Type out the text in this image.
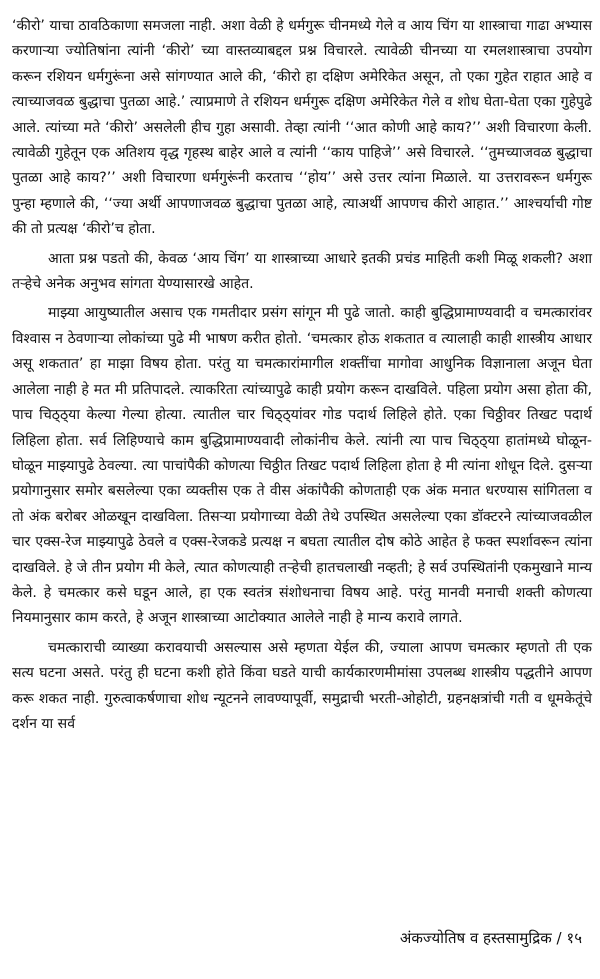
‘कीरो’ याचा ठावठिकाणा समजला नाही. अशा वेळी हे धर्मगुरू चीनमध्ये गेले व आय चिंग या शास्त्राचा गाढा अभ्यास करणाऱ्या ज्योतिषांना त्यांनी ‘कीरो’ च्या वास्तव्याबद्दल प्रश्न विचारले. त्यावेळी चीनच्या या रमलशास्त्राचा उपयोग करून रशियन धर्मगुरूंना असे सांगण्यात आले की, ‘कीरो हा दक्षिण अमेरिकेत असून, तो एका गुहेत राहात आहे व त्याच्याजवळ बुद्धाचा पुतळा आहे.’ त्याप्रमाणे ते रशियन धर्मगुरू दक्षिण अमेरिकेत गेले व शोध घेता-घेता एका गुहेपुढे आले. त्यांच्या मते ‘कीरो’ असलेली हीच गुहा असावी. तेव्हा त्यांनी ‘‘आत कोणी आहे काय?’’ अशी विचारणा केली. त्यावेळी गुहेतून एक अतिशय वृद्ध गृहस्थ बाहेर आले व त्यांनी ‘‘काय पाहिजे’’ असे विचारले. ‘‘तुमच्याजवळ बुद्धाचा पुतळा आहे काय?’’ अशी विचारणा धर्मगुरूंनी करताच ‘‘होय’’ असे उत्तर त्यांना मिळाले. या उत्तरावरून धर्मगुरू पुन्हा म्हणाले की, ‘‘ज्या अर्थी आपणाजवळ बुद्धाचा पुतळा आहे, त्याअर्थी आपणच कीरो आहात.’’ आश्चर्याची गोष्ट की तो प्रत्यक्ष ‘कीरो’च होता.

आता प्रश्न पडतो की, केवळ ‘आय चिंग’ या शास्त्राच्या आधारे इतकी प्रचंड माहिती कशी मिळू शकली? अशा तऱ्हेचे अनेक अनुभव सांगता येण्यासारखे आहेत.

माझ्या आयुष्यातील असाच एक गमतीदार प्रसंग सांगून मी पुढे जातो. काही बुद्धिप्रामाण्यवादी व चमत्कारांवर विश्वास न ठेवणाऱ्या लोकांच्या पुढे मी भाषण करीत होतो. ‘चमत्कार होऊ शकतात व त्यालाही काही शास्त्रीय आधार असू शकतात’ हा माझा विषय होता. परंतु या चमत्कारांमागील शक्तींचा मागोवा आधुनिक विज्ञानाला अजून घेता आलेला नाही हे मत मी प्रतिपादले. त्याकरिता त्यांच्यापुढे काही प्रयोग करून दाखविले. पहिला प्रयोग असा होता की, पाच चिठ्ठ्या केल्या गेल्या होत्या. त्यातील चार चिठ्ठ्यांवर गोड पदार्थ लिहिले होते. एका चिठ्ठीवर तिखट पदार्थ लिहिला होता. सर्व लिहिण्याचे काम बुद्धिप्रामाण्यवादी लोकांनीच केले. त्यांनी त्या पाच चिठ्ठ्या हातांमध्ये घोळून-घोळून माझ्यापुढे ठेवल्या. त्या पाचांपैकी कोणत्या चिठ्ठीत तिखट पदार्थ लिहिला होता हे मी त्यांना शोधून दिले. दुसऱ्या प्रयोगानुसार समोर बसलेल्या एका व्यक्तीस एक ते वीस अंकांपैकी कोणताही एक अंक मनात धरण्यास सांगितला व तो अंक बरोबर ओळखून दाखविला. तिसऱ्या प्रयोगाच्या वेळी तेथे उपस्थित असलेल्या एका डॉक्टरने त्यांच्याजवळील चार एक्स-रेज माझ्यापुढे ठेवले व एक्स-रेजकडे प्रत्यक्ष न बघता त्यातील दोष कोठे आहेत हे फक्त स्पर्शावरून त्यांना दाखविले. हे जे तीन प्रयोग मी केले, त्यात कोणत्याही तऱ्हेची हातचलाखी नव्हती; हे सर्व उपस्थितांनी एकमुखाने मान्य केले. हे चमत्कार कसे घडून आले, हा एक स्वतंत्र संशोधनाचा विषय आहे. परंतु मानवी मनाची शक्ती कोणत्या नियमानुसार काम करते, हे अजून शास्त्राच्या आटोक्यात आलेले नाही हे मान्य करावे लागते.

चमत्काराची व्याख्या करावयाची असल्यास असे म्हणता येईल की, ज्याला आपण चमत्कार म्हणतो ती एक सत्य घटना असते. परंतु ही घटना कशी होते किंवा घडते याची कार्यकारणमीमांसा उपलब्ध शास्त्रीय पद्धतीने आपण करू शकत नाही. गुरुत्वाकर्षणाचा शोध न्यूटनने लावण्यापूर्वी, समुद्राची भरती-ओहोटी, ग्रहनक्षत्रांची गती व धूमकेतूंचे दर्शन या सर्व

अंकज्योतिष व हस्तसामुद्रिक / १५
